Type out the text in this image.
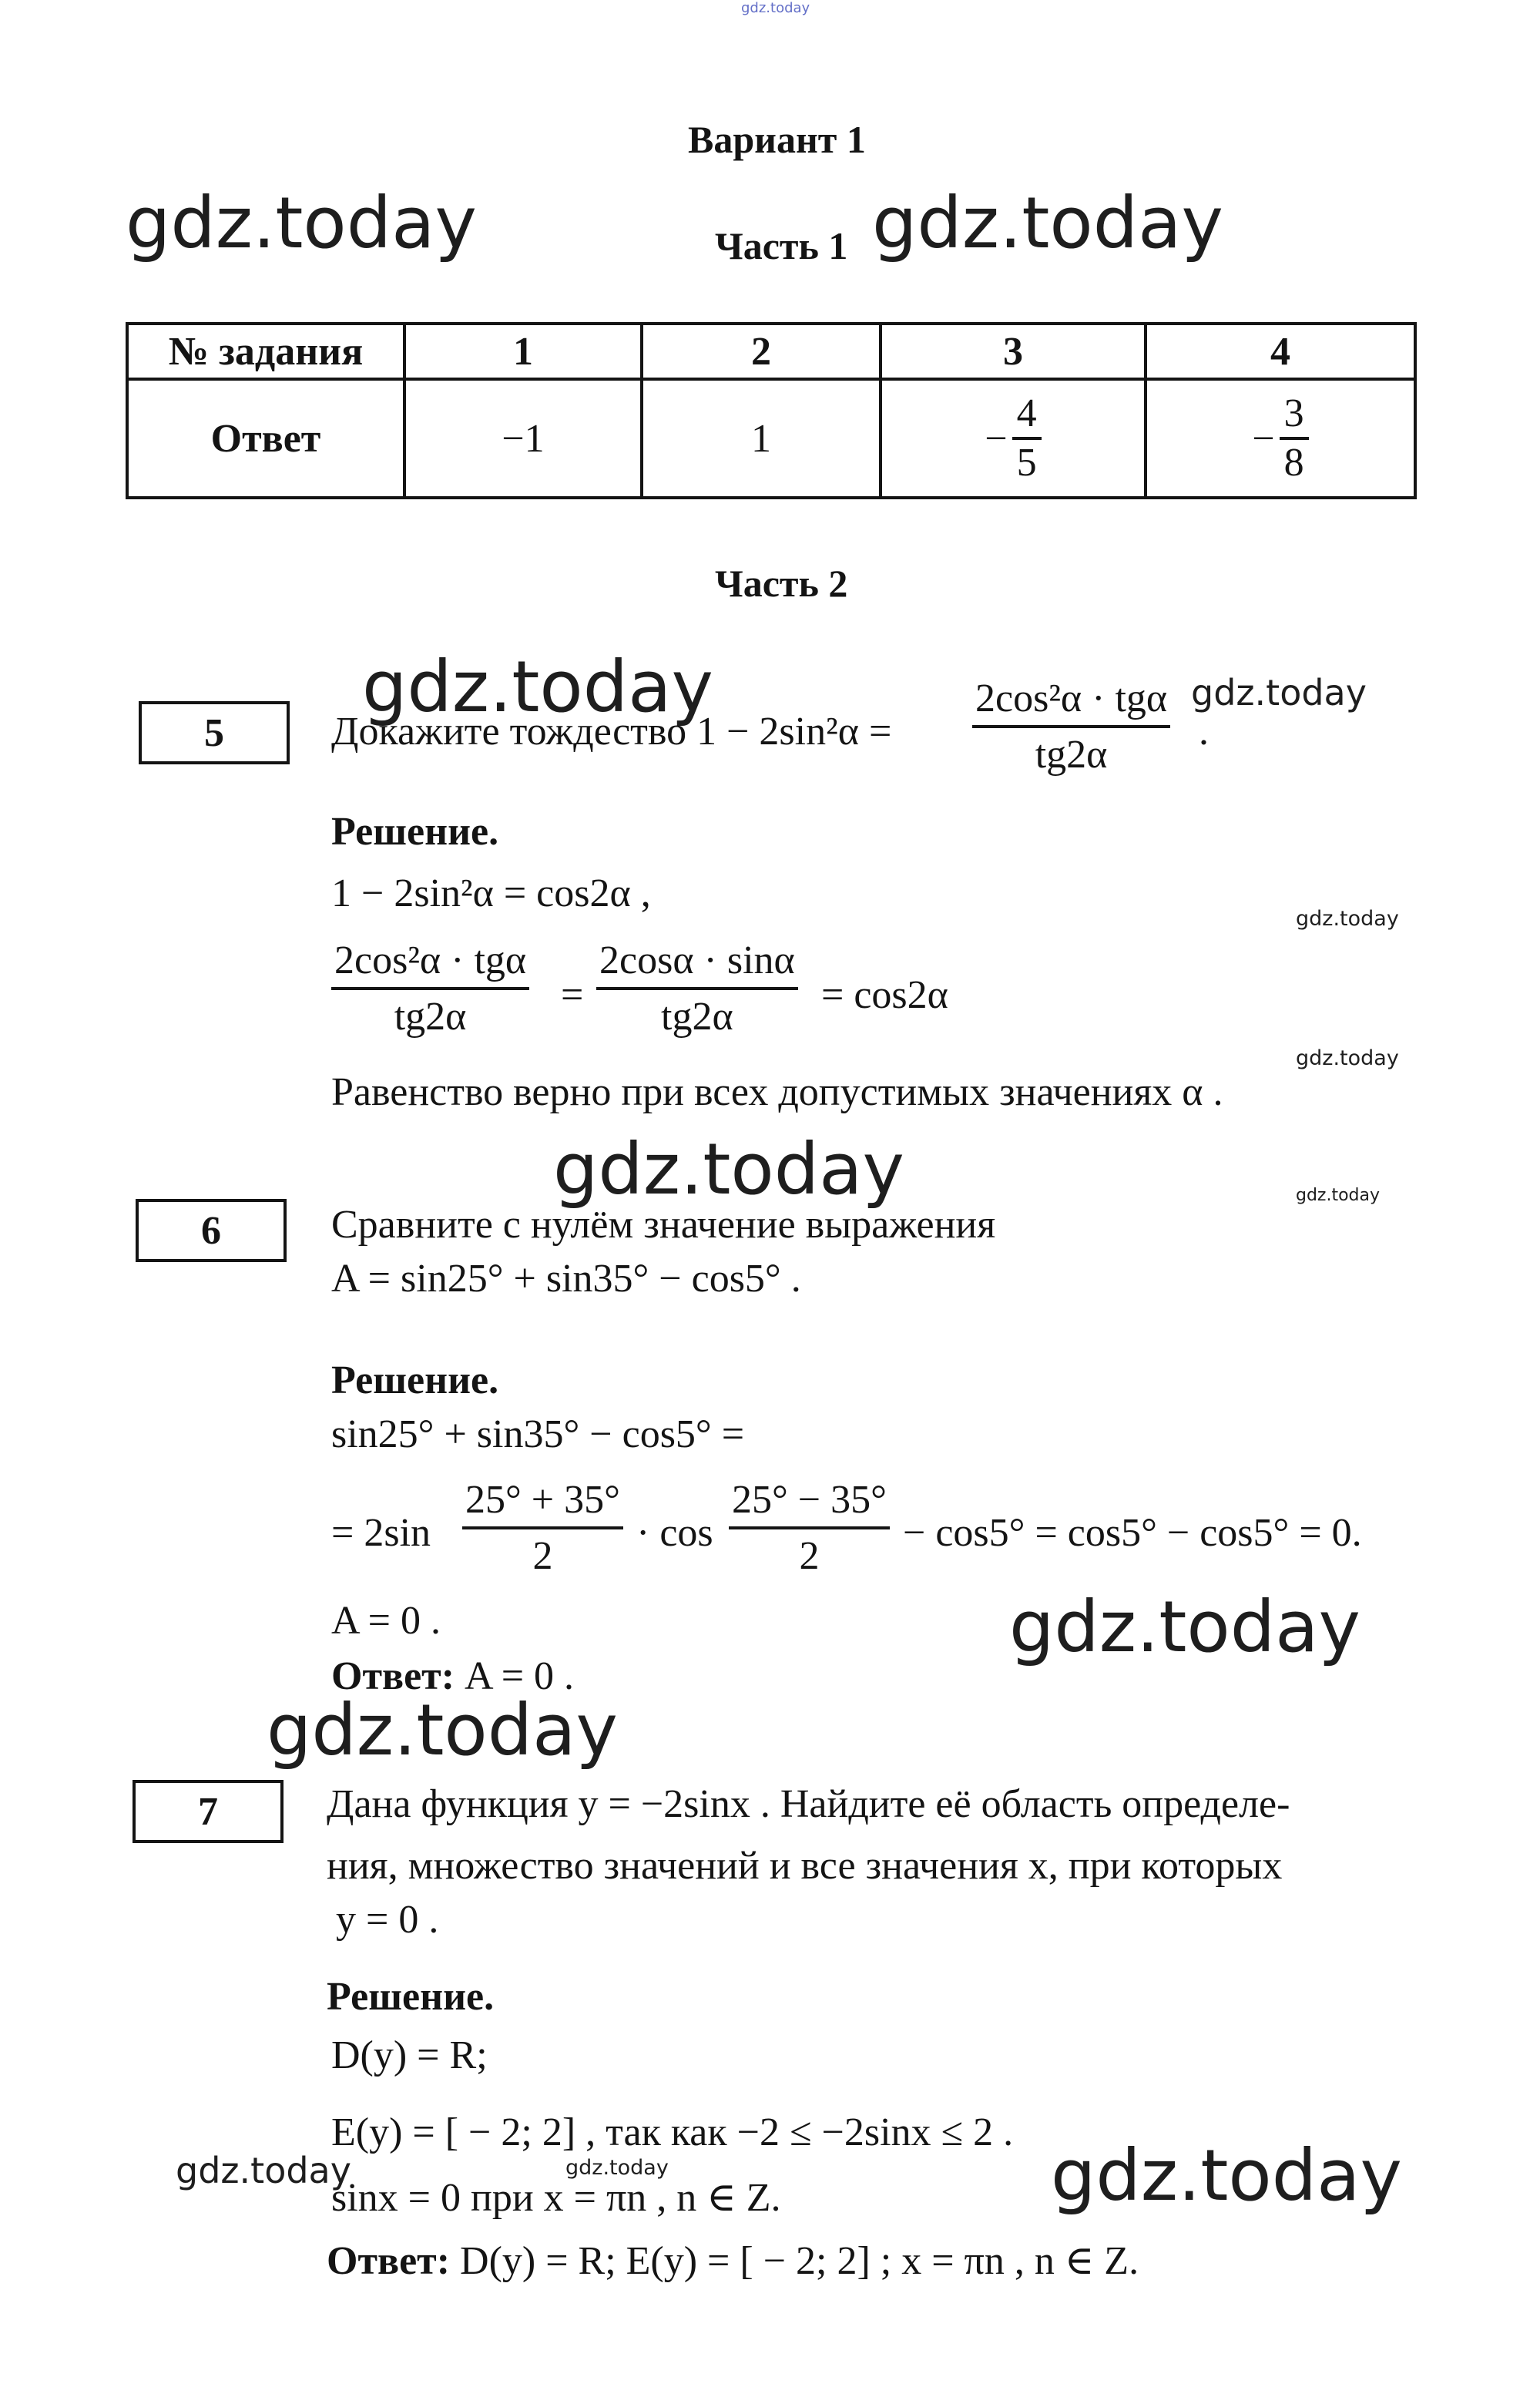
gdz.today
gdz.today	gdz.today
gdz.today	gdz.today
gdz.today
gdz.today
gdz.today	gdz.today
gdz.today
gdz.today
gdz.today	gdz.today	gdz.today
Вариант 1
Часть 1
№ задания	1	2	3	4
Ответ	−1	1	− $\frac{4}{5}$	− $\frac{3}{8}$
Часть 2
5	Докажите тождество 1 − 2sin²α =
2cos²α · tgα
tg2α
.
Решение.
1 − 2sin²α = cos2α ,
2cos²α · tgα
$tg2\alpha = \frac{2\cos\alpha \cdot \sin\alpha}{tg2\alpha} = \cos 2\alpha$
Равенство верно при всех допустимых значениях α .
6	Сравните с нулём значение выражения
A = sin25° + sin35° − cos5° .
Решение.
sin25° + sin35° − cos5° =
= $2\sin \frac{25^\circ + 35^\circ}{2} \cdot \cos \frac{25^\circ - 35^\circ}{2} - \cos 5^\circ = \cos 5^\circ - \cos 5^\circ = 0$.
A = 0 .
Ответ: A = 0 .
7	Дана функция y = −2sinx . Найдите её область определе-
ния, множество значений и все значения x, при которых
y = 0 .
Решение.
D(y) = R;
E(y) = [ − 2; 2] , так как −2 ≤ −2sinx ≤ 2 .
sinx = 0 при x = πn , n ∈ Z.
Ответ: D(y) = R; E(y) = [ − 2; 2] ; x = πn , n ∈ Z.
